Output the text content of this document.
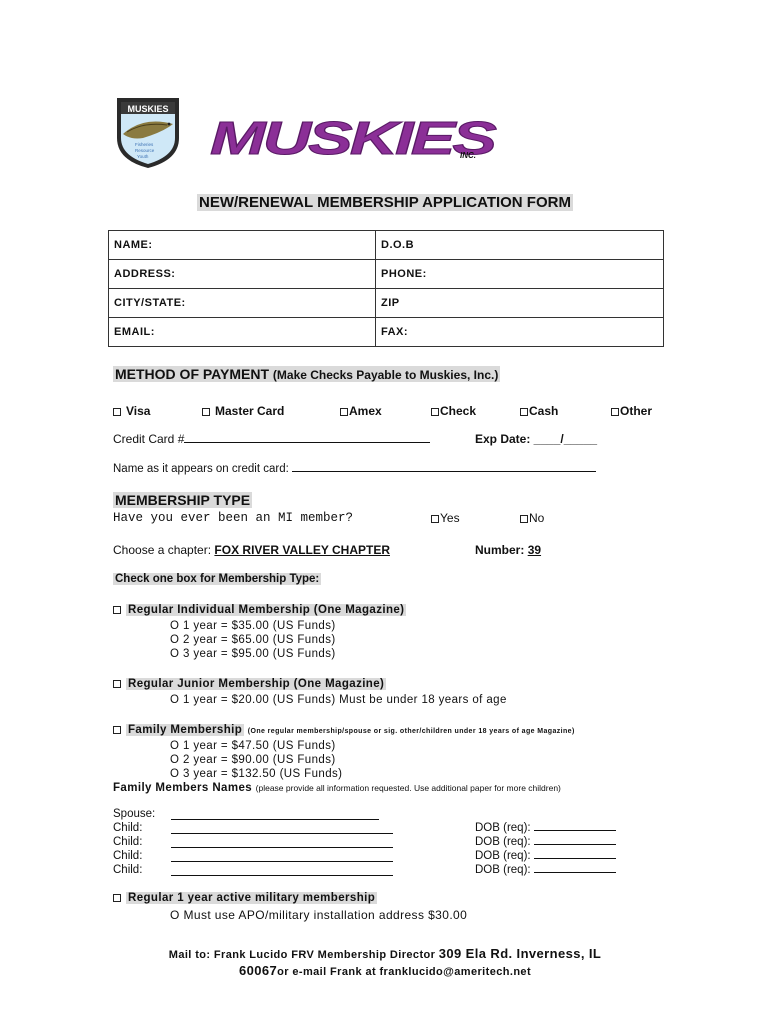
MUSKIES
Fisheries
Resource
Youth MUSKIES
INC.
NEW/RENEWAL MEMBERSHIP APPLICATION FORM
NAME:	D.O.B
ADDRESS:	PHONE:
CITY/STATE:	ZIP
EMAIL:	FAX:
METHOD OF PAYMENT (Make Checks Payable to Muskies, Inc.)
Visa	Master Card	Amex	Check	Cash	Other
Credit Card #	Exp Date: ____/_____
Name as it appears on credit card:
MEMBERSHIP TYPE
Have you ever been an MI member?	Yes	No
Choose a chapter: FOX RIVER VALLEY CHAPTER	Number: 39
Check one box for Membership Type:
Regular Individual Membership (One Magazine)
O 1 year = $35.00 (US Funds)
O 2 year = $65.00 (US Funds)
O 3 year = $95.00 (US Funds)
Regular Junior Membership (One Magazine)
O 1 year = $20.00 (US Funds) Must be under 18 years of age
Family Membership (One regular membership/spouse or sig. other/children under 18 years of age Magazine)
O 1 year = $47.50 (US Funds)
O 2 year = $90.00 (US Funds)
O 3 year = $132.50 (US Funds)
Family Members Names (please provide all information requested. Use additional paper for more children)
Spouse:
Child:	DOB (req):
Child:	DOB (req):
Child:	DOB (req):
Child:	DOB (req):
Regular 1 year active military membership
O Must use APO/military installation address $30.00
Mail to: Frank Lucido FRV Membership Director 309 Ela Rd. Inverness, IL
60067or e-mail Frank at franklucido@ameritech.net
